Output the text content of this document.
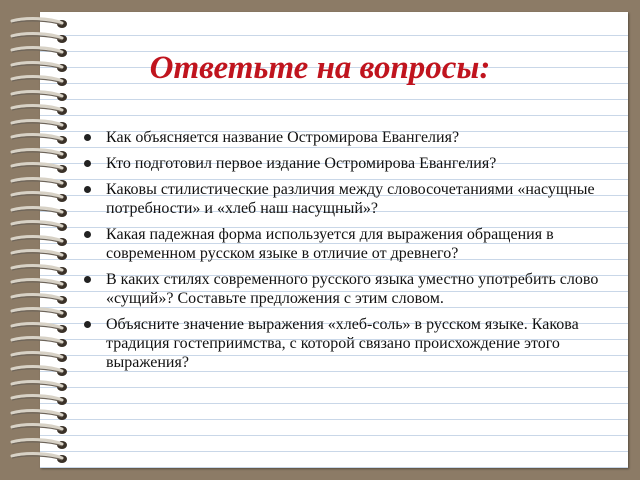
Ответьте на вопросы:
Как объясняется название Остромирова Евангелия?
Кто подготовил первое издание Остромирова Евангелия?
Каковы стилистические различия между словосочетаниями «насущные потребности» и «хлеб наш насущный»?
Какая падежная форма используется для выражения обращения в современном русском языке в отличие от древнего?
В каких стилях современного русского языка уместно употребить слово «сущий»? Составьте предложения с этим словом.
Объясните значение выражения «хлеб-соль» в русском языке. Какова традиция гостеприимства, с которой связано происхождение этого выражения?
